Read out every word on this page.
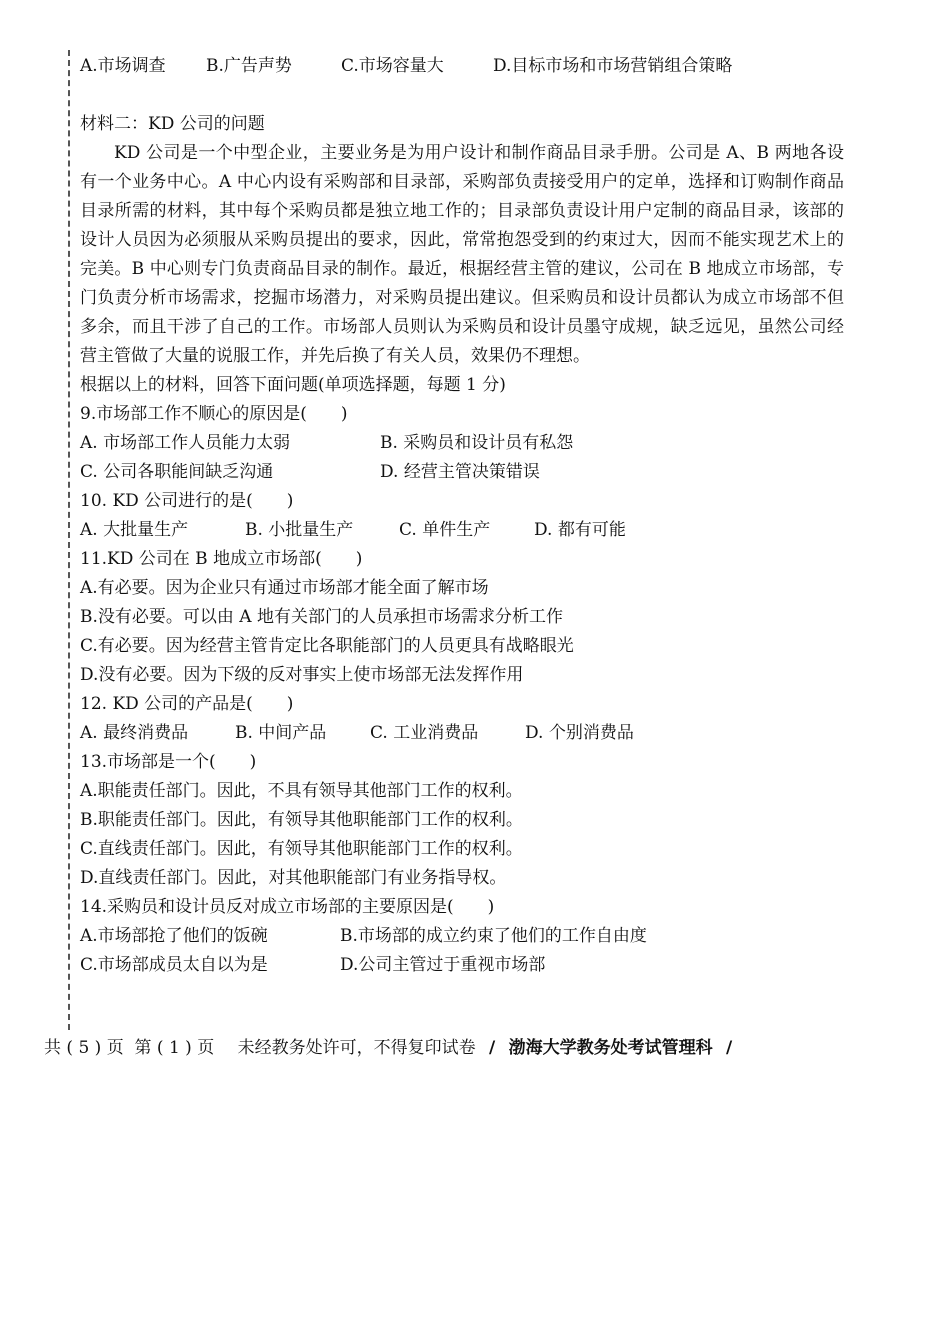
A.市场调查	B.广告声势	C.市场容量大	D.目标市场和市场营销组合策略
材料二：KD 公司的问题

KD 公司是一个中型企业，主要业务是为用户设计和制作商品目录手册。公司是 A、B 两地各设有一个业务中心。A 中心内设有采购部和目录部，采购部负责接受用户的定单，选择和订购制作商品目录所需的材料，其中每个采购员都是独立地工作的；目录部负责设计用户定制的商品目录，该部的设计人员因为必须服从采购员提出的要求，因此，常常抱怨受到的约束过大，因而不能实现艺术上的完美。B 中心则专门负责商品目录的制作。最近，根据经营主管的建议，公司在 B 地成立市场部，专门负责分析市场需求，挖掘市场潜力，对采购员提出建议。但采购员和设计员都认为成立市场部不但多余，而且干涉了自己的工作。市场部人员则认为采购员和设计员墨守成规，缺乏远见，虽然公司经营主管做了大量的说服工作，并先后换了有关人员，效果仍不理想。

根据以上的材料，回答下面问题(单项选择题，每题 1 分)
9.市场部工作不顺心的原因是(　　)
A. 市场部工作人员能力太弱	B. 采购员和设计员有私怨
C. 公司各职能间缺乏沟通	D. 经营主管决策错误
10. KD 公司进行的是(　　)
A. 大批量生产	B. 小批量生产	C. 单件生产	D. 都有可能
11.KD 公司在 B 地成立市场部(　　)
A.有必要。因为企业只有通过市场部才能全面了解市场
B.没有必要。可以由 A 地有关部门的人员承担市场需求分析工作
C.有必要。因为经营主管肯定比各职能部门的人员更具有战略眼光
D.没有必要。因为下级的反对事实上使市场部无法发挥作用
12. KD 公司的产品是(　　)
A. 最终消费品	B. 中间产品	C. 工业消费品	D. 个别消费品
13.市场部是一个(　　)
A.职能责任部门。因此，不具有领导其他部门工作的权利。
B.职能责任部门。因此，有领导其他职能部门工作的权利。
C.直线责任部门。因此，有领导其他职能部门工作的权利。
D.直线责任部门。因此，对其他职能部门有业务指导权。
14.采购员和设计员反对成立市场部的主要原因是(　　)
A.市场部抢了他们的饭碗	B.市场部的成立约束了他们的工作自由度
C.市场部成员太自以为是	D.公司主管过于重视市场部
共 ( 5 ) 页  第 ( 1 ) 页 未经教务处许可，不得复印试卷 / 渤海大学教务处考试管理科 /
